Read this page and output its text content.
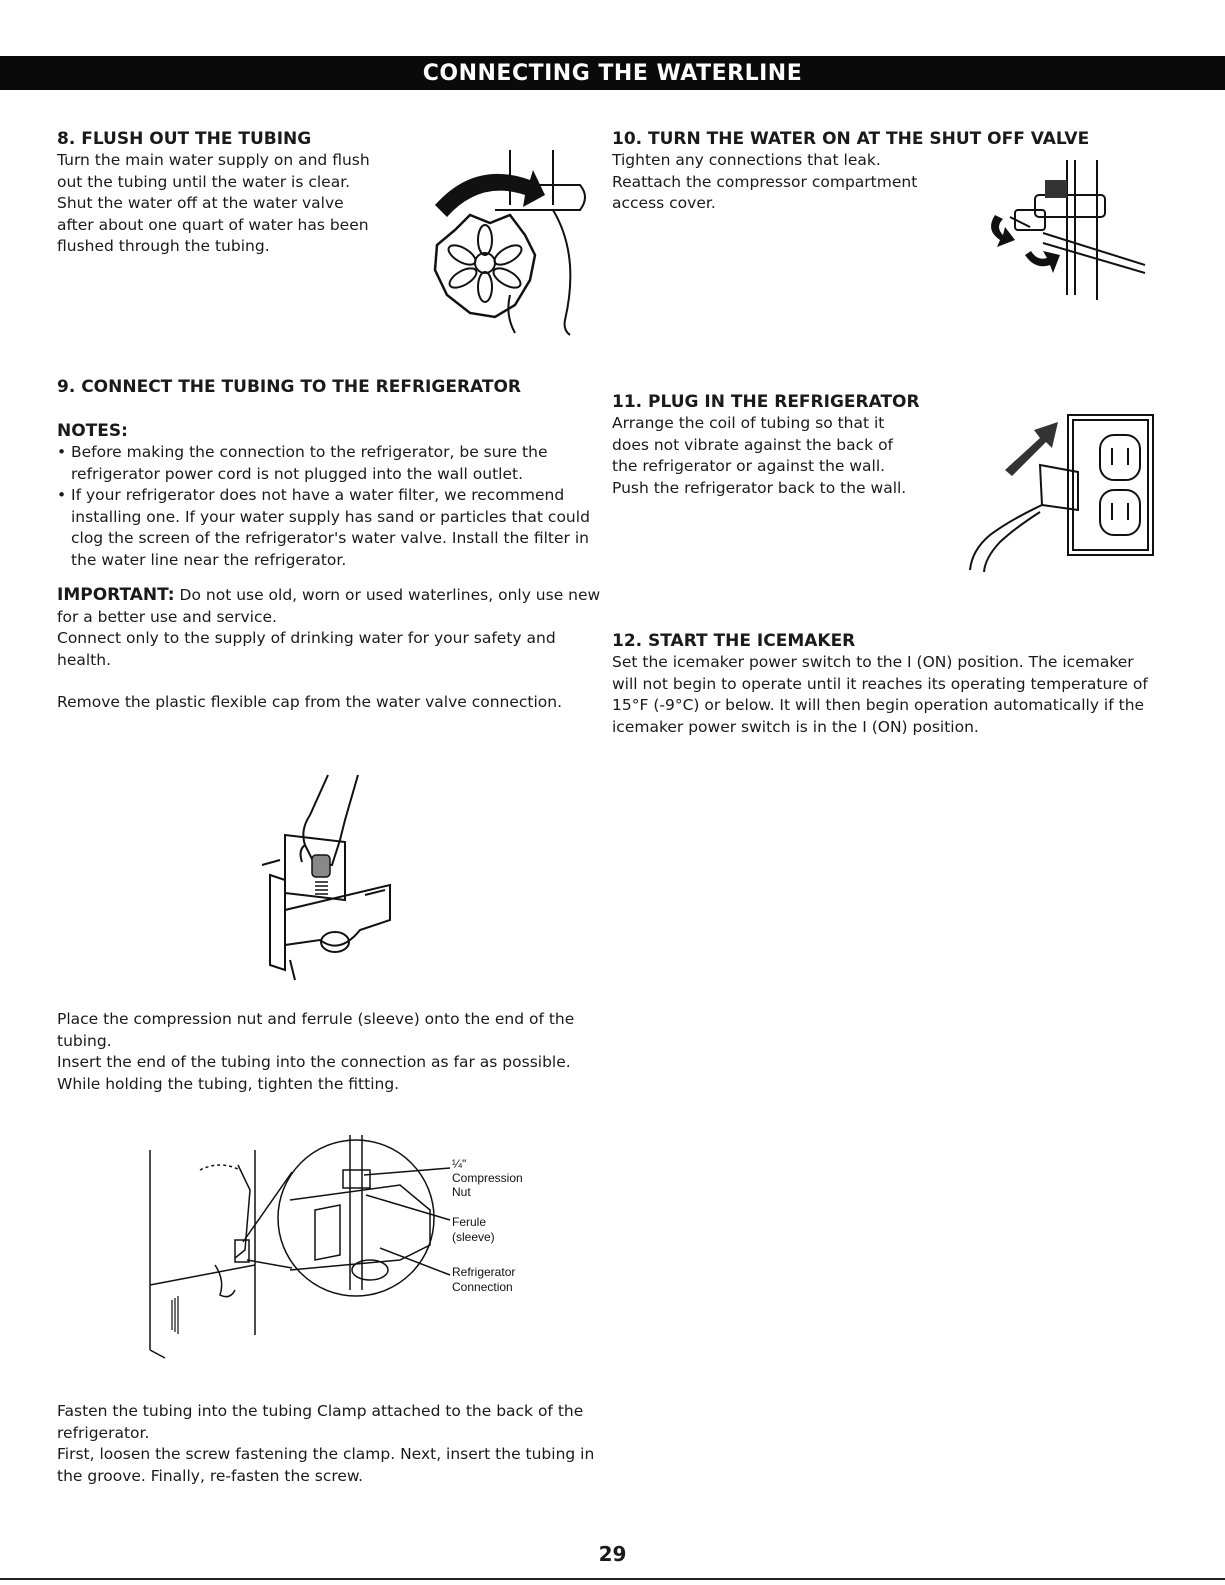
CONNECTING THE WATERLINE

8. FLUSH OUT THE TUBING

Turn the main water supply on and flush

out the tubing until the water is clear.

Shut the water off at the water valve

after about one quart of water has been

flushed through the tubing.

10. TURN THE WATER ON AT THE SHUT OFF VALVE

Tighten any connections that leak.

Reattach the compressor compartment

access cover.

9. CONNECT THE TUBING TO THE REFRIGERATOR

NOTES:

• Before making the connection to the refrigerator, be sure the refrigerator power cord is not plugged into the wall outlet.
• If your refrigerator does not have a water filter, we recommend installing one. If your water supply has sand or particles that could clog the screen of the refrigerator's water valve. Install the filter in the water line near the refrigerator.

IMPORTANT: Do not use old, worn or used waterlines, only use new for a better use and service.

Connect only to the supply of drinking water for your safety and health.

Remove the plastic flexible cap from the water valve connection.

Place the compression nut and ferrule (sleeve) onto the end of the tubing.

Insert the end of the tubing into the connection as far as possible. While holding the tubing, tighten the fitting.

¼"
Compression
Nut
Ferule
(sleeve)
Refrigerator
Connection

Fasten the tubing into the tubing Clamp attached to the back of the refrigerator.

First, loosen the screw fastening the clamp. Next, insert the tubing in the groove. Finally, re-fasten the screw.

11. PLUG IN THE REFRIGERATOR

Arrange the coil of tubing so that it

does not vibrate against the back of

the refrigerator or against the wall.

Push the refrigerator back to the wall.

12. START THE ICEMAKER

Set the icemaker power switch to the I (ON) position. The icemaker will not begin to operate until it reaches its operating temperature of 15°F (-9°C) or below. It will then begin operation automatically if the icemaker power switch is in the I (ON) position.

29
